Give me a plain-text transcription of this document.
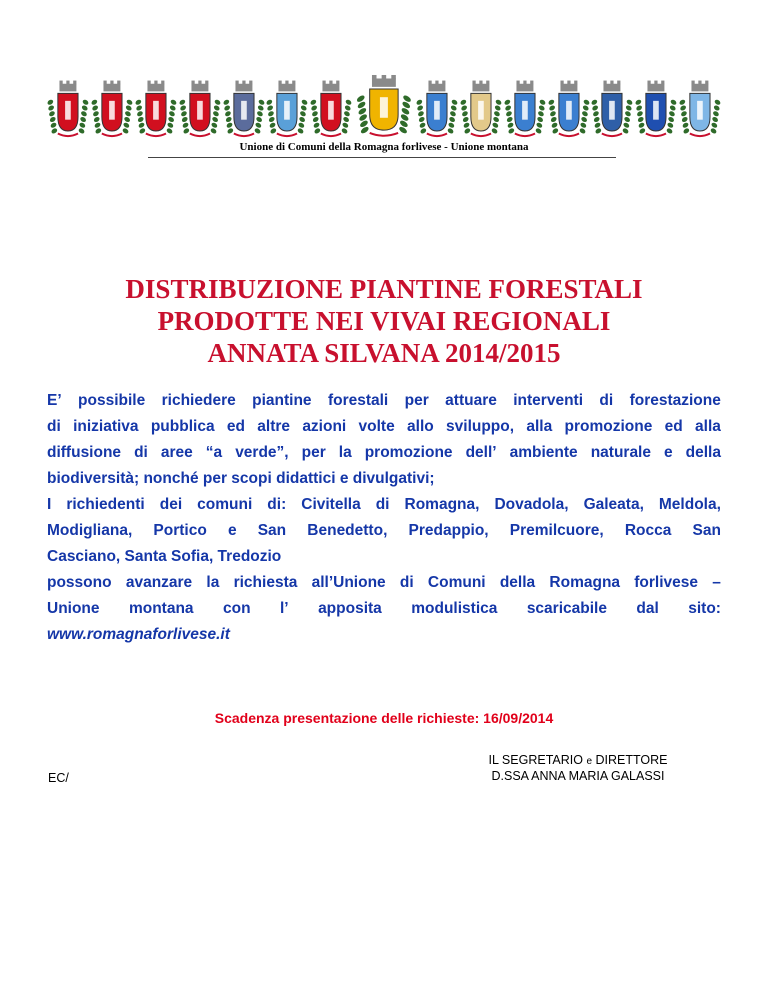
Unione di Comuni della Romagna forlivese - Unione montana
DISTRIBUZIONE PIANTINE FORESTALI
PRODOTTE NEI VIVAI REGIONALI
ANNATA SILVANA 2014/2015
E’ possibile richiedere piantine forestali per attuare interventi di forestazione
di iniziativa pubblica ed altre azioni volte allo sviluppo, alla promozione ed alla
diffusione di aree “a verde”, per la promozione dell’ ambiente naturale e della
biodiversità; nonché per scopi didattici e divulgativi;
I richiedenti dei comuni di: Civitella di Romagna, Dovadola, Galeata, Meldola,
Modigliana, Portico e San Benedetto, Predappio, Premilcuore, Rocca San
Casciano, Santa Sofia, Tredozio
possono avanzare la richiesta all’Unione di Comuni della Romagna forlivese –
Unione montana con l’ apposita modulistica scaricabile dal sito:
www.romagnaforlivese.it
Scadenza presentazione delle richieste: 16/09/2014
IL SEGRETARIO e DIRETTORE
D.SSA ANNA MARIA GALASSI
EC/
